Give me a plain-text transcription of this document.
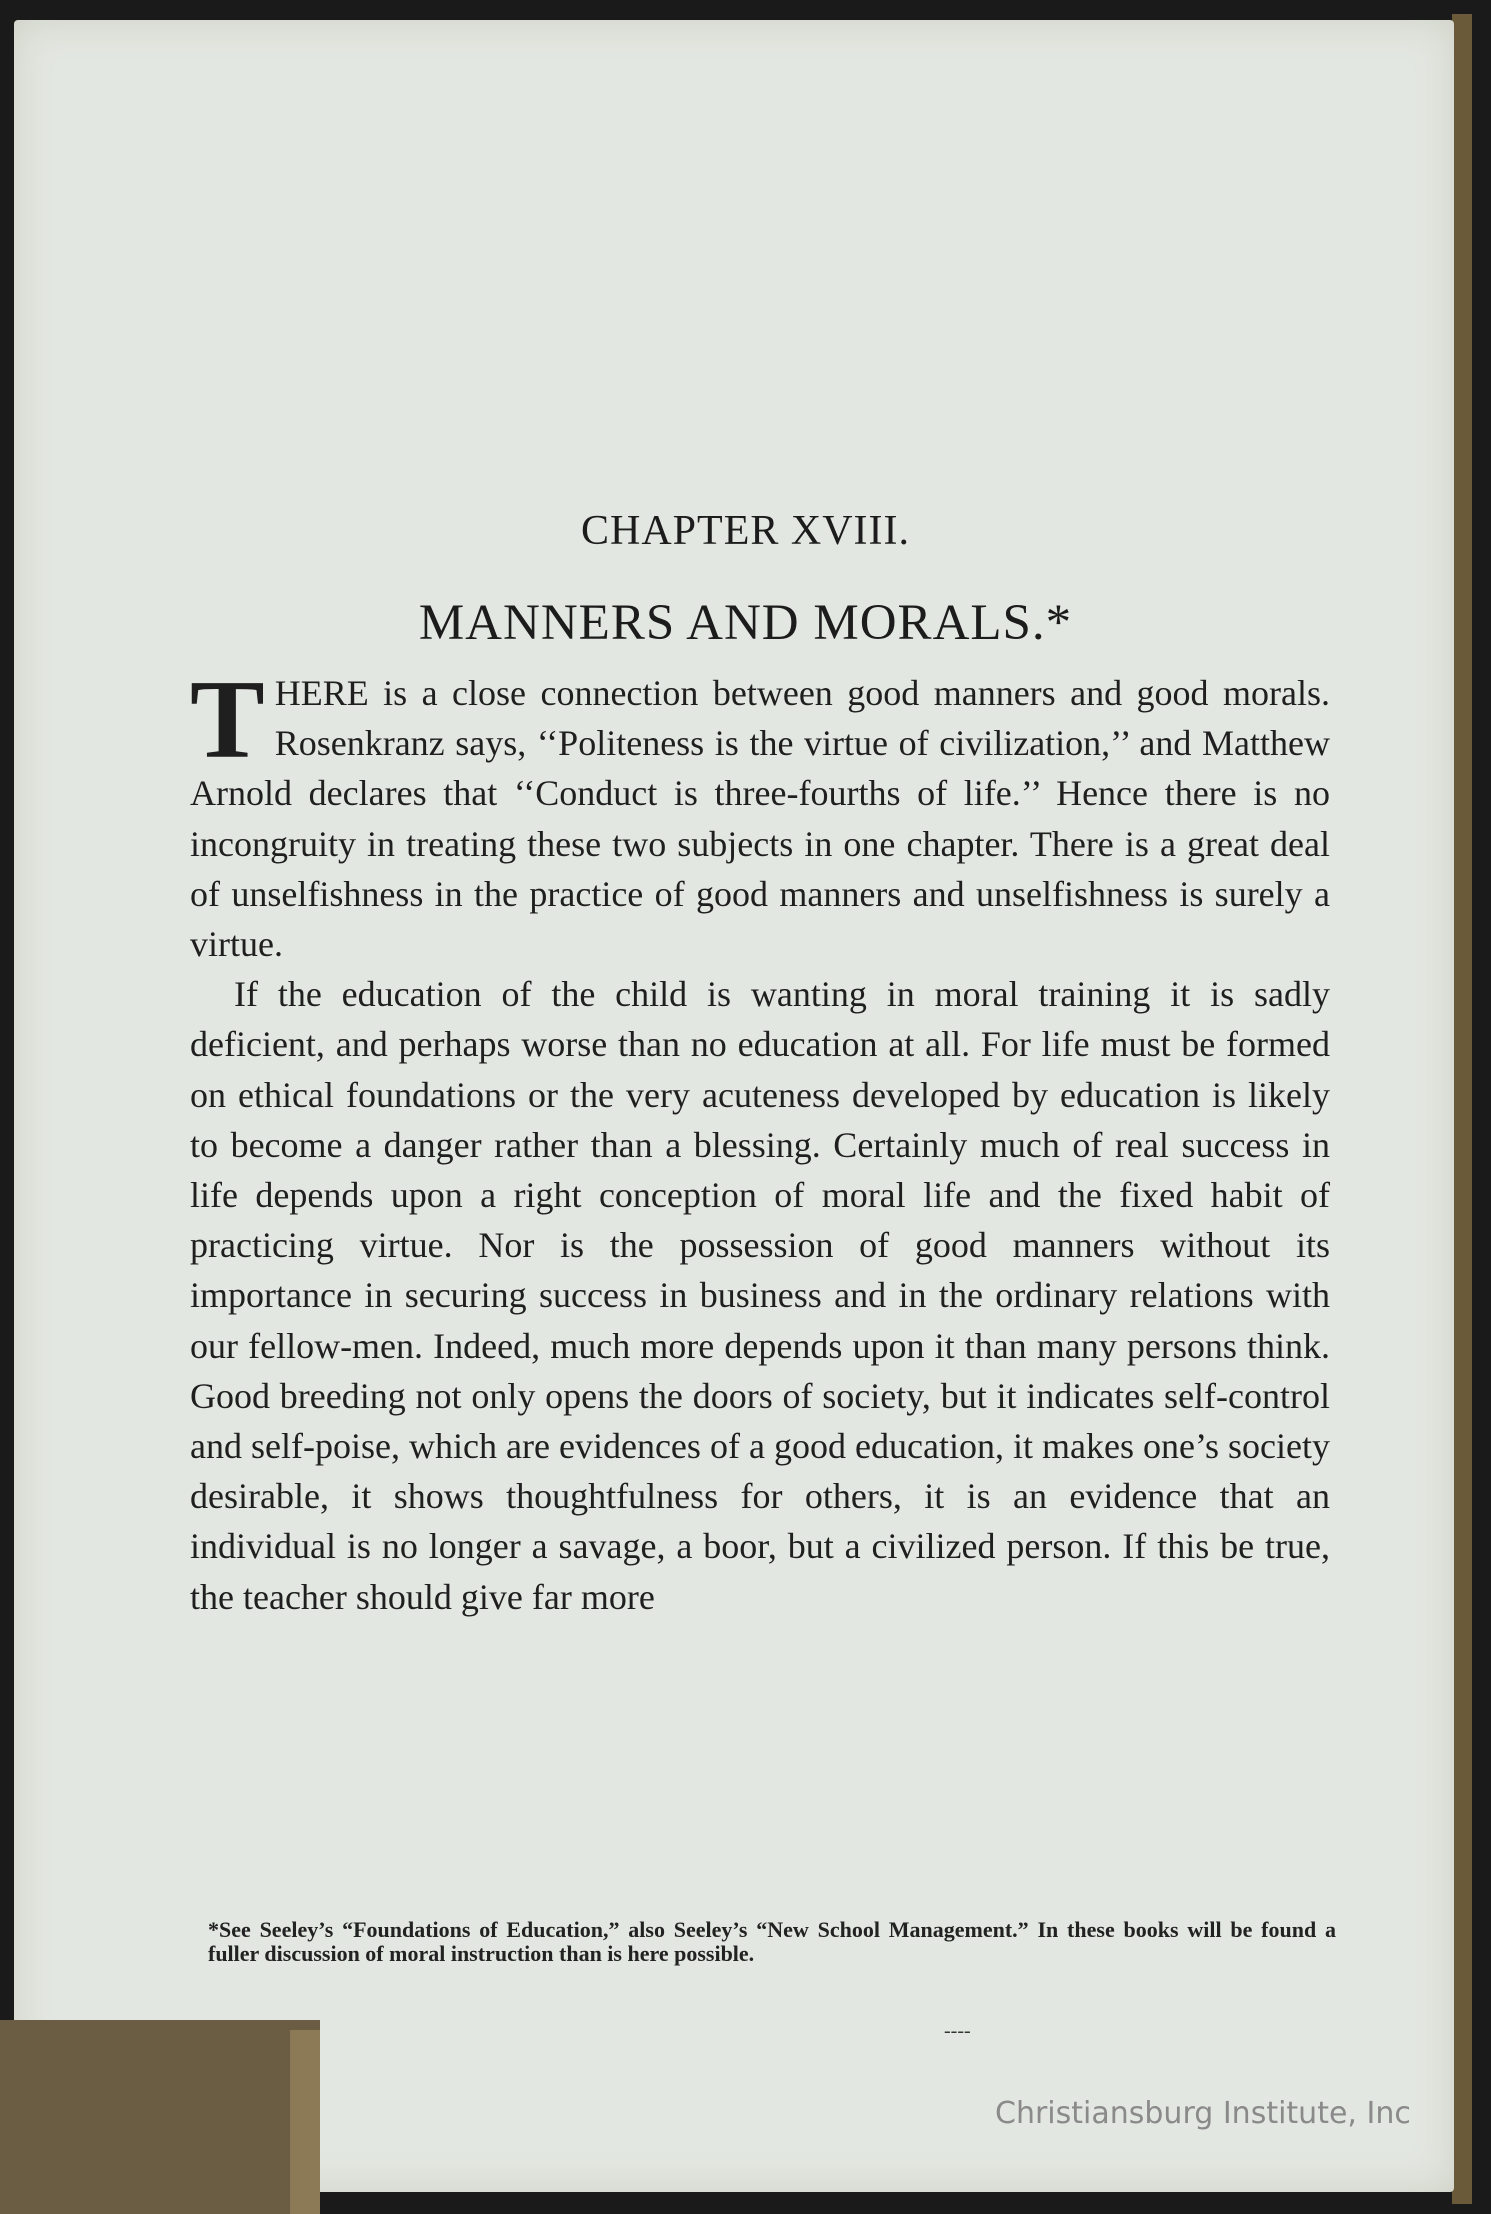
CHAPTER XVIII.
MANNERS AND MORALS.*

THERE is a close connection between good manners and good morals. Rosenkranz says, ‘‘Politeness is the virtue of civilization,’’ and Matthew Arnold declares that ‘‘Conduct is three-fourths of life.’’ Hence there is no incongruity in treating these two subjects in one chapter. There is a great deal of unselfishness in the practice of good manners and unselfishness is surely a virtue.

If the education of the child is wanting in moral training it is sadly deficient, and perhaps worse than no education at all. For life must be formed on ethical foundations or the very acuteness developed by education is likely to become a danger rather than a blessing. Certainly much of real success in life depends upon a right conception of moral life and the fixed habit of practicing virtue. Nor is the possession of good manners without its importance in securing success in business and in the ordinary relations with our fellow-men. Indeed, much more depends upon it than many persons think. Good breeding not only opens the doors of society, but it indicates self-control and self-poise, which are evidences of a good education, it makes one’s society desirable, it shows thoughtfulness for others, it is an evidence that an individual is no longer a savage, a boor, but a civilized person. If this be true, the teacher should give far more

*See Seeley’s “Foundations of Education,” also Seeley’s “New School Management.” In these books will be found a fuller discussion of moral instruction than is here possible.
----
Christiansburg Institute, Inc
